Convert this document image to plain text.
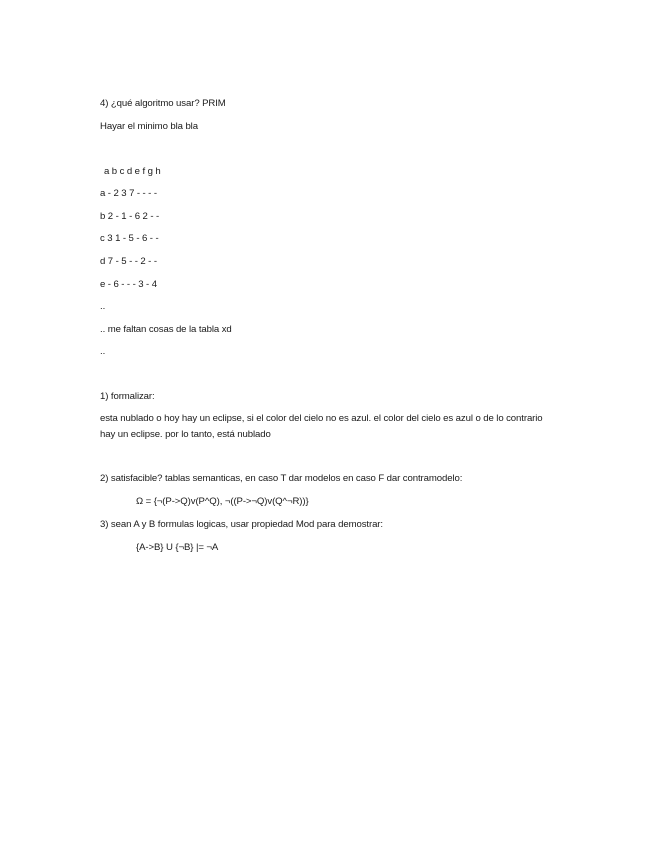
4) ¿qué algoritmo usar? PRIM
Hayar el minimo bla bla
a b c d e f g h
a - 2 3 7 - - - -
b 2 - 1 - 6 2 - -
c 3 1 - 5 - 6 - -
d 7 - 5 - - 2 - -
e - 6 - - - 3 - 4
..
.. me faltan cosas de la tabla xd
..
1) formalizar:
esta nublado o hoy hay un eclipse, si el color del cielo no es azul. el color del cielo es azul o de lo contrario hay un eclipse. por lo tanto, está nublado
2) satisfacible? tablas semanticas, en caso T dar modelos en caso F dar contramodelo:
Ω = {¬(P->Q)v(P^Q), ¬((P->¬Q)v(Q^¬R))}
3) sean A y B formulas logicas, usar propiedad Mod para demostrar:
{A->B} U {¬B} |= ¬A
